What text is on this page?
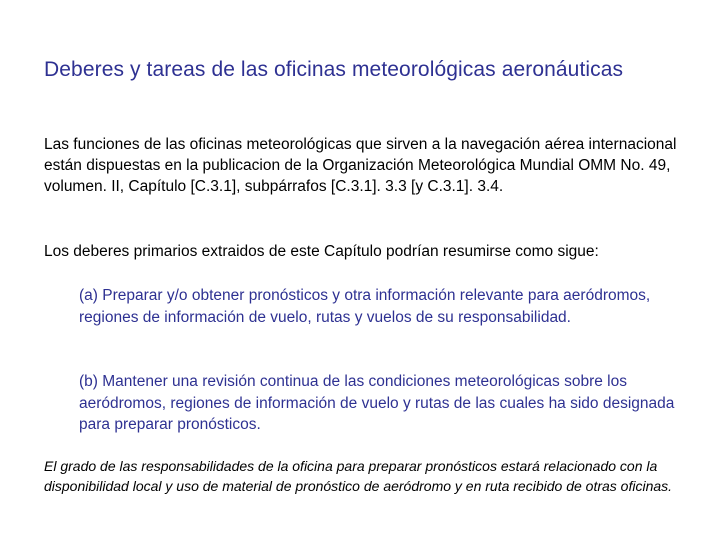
Deberes y tareas de las oficinas meteorológicas aeronáuticas

Las funciones de las oficinas meteorológicas que sirven a la navegación aérea internacional están dispuestas en la publicacion de la Organización Meteorológica Mundial OMM No. 49, volumen. II, Capítulo [C.3.1], subpárrafos [C.3.1]. 3.3 [y C.3.1]. 3.4.

Los deberes primarios extraidos de este Capítulo podrían resumirse como sigue:

(a) Preparar y/o obtener pronósticos y otra información relevante para aeródromos, regiones de información de vuelo, rutas y vuelos de su responsabilidad.

(b) Mantener una revisión continua de las condiciones meteorológicas sobre los aeródromos, regiones de información de vuelo y rutas de las cuales ha sido designada para preparar pronósticos.

El grado de las responsabilidades de la oficina para preparar pronósticos estará relacionado con la disponibilidad local y uso de material de pronóstico de aeródromo y en ruta recibido de otras oficinas.
